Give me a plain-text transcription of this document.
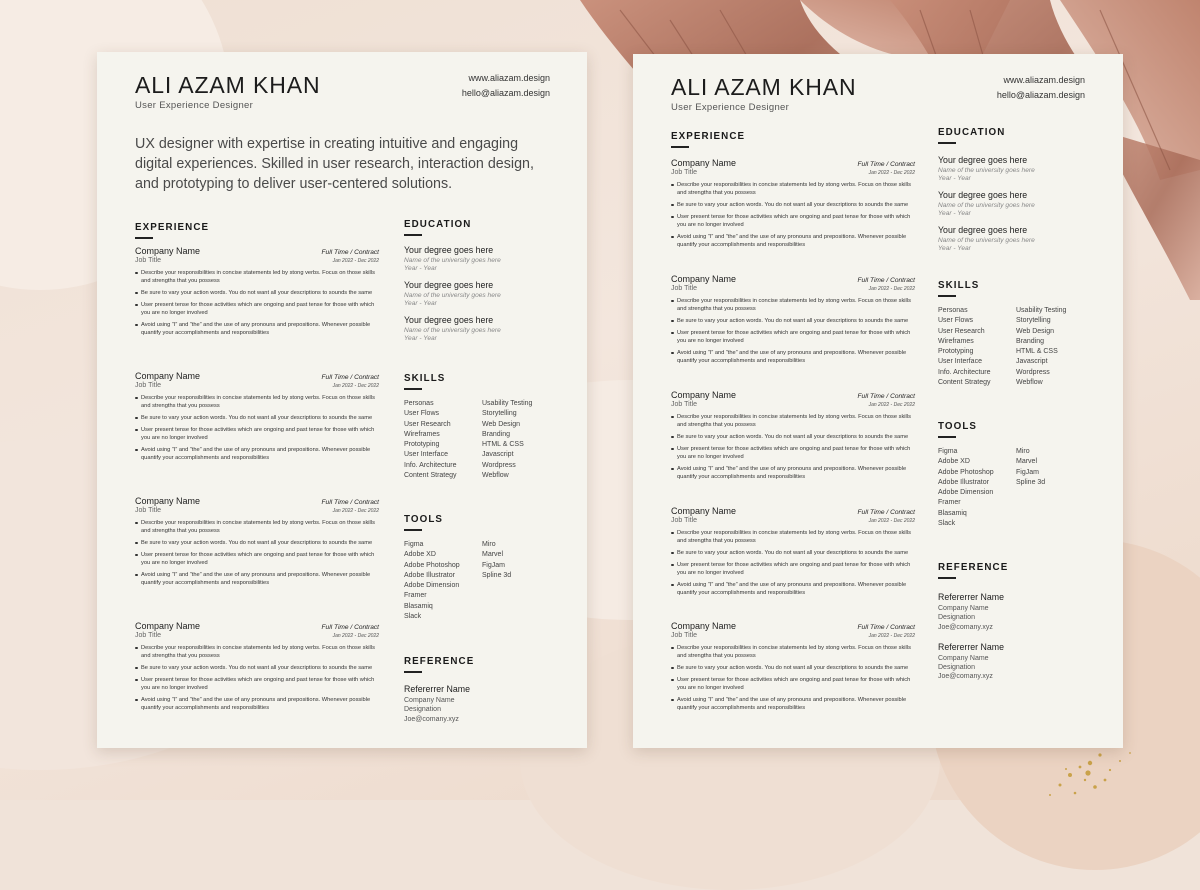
ALI AZAM KHAN
User Experience Designer
www.aliazam.design
hello@aliazam.design
UX designer with expertise in creating intuitive and engaging digital experiences. Skilled in user research, interaction design, and prototyping to deliver user-centered solutions.
EXPERIENCE
Company Name	Full Time / Contract
Job Title	Jan 2022 - Dec 2022
Describe your responsibilities in concise statements led by stong verbs. Focus on those skills and strengths that you possess
Be sure to vary your action words. You do not want all your descriptions to sounds the same
User present tense for those activities which are ongoing and past tense for those with which you are no longer involved
Avoid using “I” and “the” and the use of any pronouns and prepositions. Whenever possible quantify your accomplishments and responsibilities
Company Name	Full Time / Contract
Job Title	Jan 2022 - Dec 2022
Describe your responsibilities in concise statements led by stong verbs. Focus on those skills and strengths that you possess
Be sure to vary your action words. You do not want all your descriptions to sounds the same
User present tense for those activities which are ongoing and past tense for those with which you are no longer involved
Avoid using “I” and “the” and the use of any pronouns and prepositions. Whenever possible quantify your accomplishments and responsibilities
Company Name	Full Time / Contract
Job Title	Jan 2022 - Dec 2022
Describe your responsibilities in concise statements led by stong verbs. Focus on those skills and strengths that you possess
Be sure to vary your action words. You do not want all your descriptions to sounds the same
User present tense for those activities which are ongoing and past tense for those with which you are no longer involved
Avoid using “I” and “the” and the use of any pronouns and prepositions. Whenever possible quantify your accomplishments and responsibilities
Company Name	Full Time / Contract
Job Title	Jan 2022 - Dec 2022
Describe your responsibilities in concise statements led by stong verbs. Focus on those skills and strengths that you possess
Be sure to vary your action words. You do not want all your descriptions to sounds the same
User present tense for those activities which are ongoing and past tense for those with which you are no longer involved
Avoid using “I” and “the” and the use of any pronouns and prepositions. Whenever possible quantify your accomplishments and responsibilities
EDUCATION
Your degree goes here
Name of the university goes here
Year - Year
Your degree goes here
Name of the university goes here
Year - Year
Your degree goes here
Name of the university goes here
Year - Year
SKILLS
Personas	Usability Testing
User Flows	Storytelling
User Research	Web Design
Wireframes	Branding
Prototyping	HTML & CSS
User Interface	Javascript
Info. Architecture	Wordpress
Content Strategy	Webflow
TOOLS
Figma	Miro
Adobe XD	Marvel
Adobe Photoshop	FigJam
Adobe Illustrator	Spline 3d
Adobe Dimension
Framer
Blasamiq
Slack
REFERENCE
Refererrer Name
Company Name
Designation
Joe@comany.xyz
ALI AZAM KHAN
User Experience Designer
www.aliazam.design
hello@aliazam.design
EXPERIENCE
Company Name	Full Time / Contract
Job Title	Jan 2022 - Dec 2022
Describe your responsibilities in concise statements led by stong verbs. Focus on those skills and strengths that you possess
Be sure to vary your action words. You do not want all your descriptions to sounds the same
User present tense for those activities which are ongoing and past tense for those with which you are no longer involved
Avoid using “I” and “the” and the use of any pronouns and prepositions. Whenever possible quantify your accomplishments and responsibilities
Company Name	Full Time / Contract
Job Title	Jan 2022 - Dec 2022
Describe your responsibilities in concise statements led by stong verbs. Focus on those skills and strengths that you possess
Be sure to vary your action words. You do not want all your descriptions to sounds the same
User present tense for those activities which are ongoing and past tense for those with which you are no longer involved
Avoid using “I” and “the” and the use of any pronouns and prepositions. Whenever possible quantify your accomplishments and responsibilities
Company Name	Full Time / Contract
Job Title	Jan 2022 - Dec 2022
Describe your responsibilities in concise statements led by stong verbs. Focus on those skills and strengths that you possess
Be sure to vary your action words. You do not want all your descriptions to sounds the same
User present tense for those activities which are ongoing and past tense for those with which you are no longer involved
Avoid using “I” and “the” and the use of any pronouns and prepositions. Whenever possible quantify your accomplishments and responsibilities
Company Name	Full Time / Contract
Job Title	Jan 2022 - Dec 2022
Describe your responsibilities in concise statements led by stong verbs. Focus on those skills and strengths that you possess
Be sure to vary your action words. You do not want all your descriptions to sounds the same
User present tense for those activities which are ongoing and past tense for those with which you are no longer involved
Avoid using “I” and “the” and the use of any pronouns and prepositions. Whenever possible quantify your accomplishments and responsibilities
Company Name	Full Time / Contract
Job Title	Jan 2022 - Dec 2022
Describe your responsibilities in concise statements led by stong verbs. Focus on those skills and strengths that you possess
Be sure to vary your action words. You do not want all your descriptions to sounds the same
User present tense for those activities which are ongoing and past tense for those with which you are no longer involved
Avoid using “I” and “the” and the use of any pronouns and prepositions. Whenever possible quantify your accomplishments and responsibilities
EDUCATION
Your degree goes here
Name of the university goes here
Year - Year
Your degree goes here
Name of the university goes here
Year - Year
Your degree goes here
Name of the university goes here
Year - Year
SKILLS
Personas	Usability Testing
User Flows	Storytelling
User Research	Web Design
Wireframes	Branding
Prototyping	HTML & CSS
User Interface	Javascript
Info. Architecture	Wordpress
Content Strategy	Webflow
TOOLS
Figma	Miro
Adobe XD	Marvel
Adobe Photoshop	FigJam
Adobe Illustrator	Spline 3d
Adobe Dimension
Framer
Blasamiq
Slack
REFERENCE
Refererrer Name
Company Name
Designation
Joe@comany.xyz
Refererrer Name
Company Name
Designation
Joe@comany.xyz
